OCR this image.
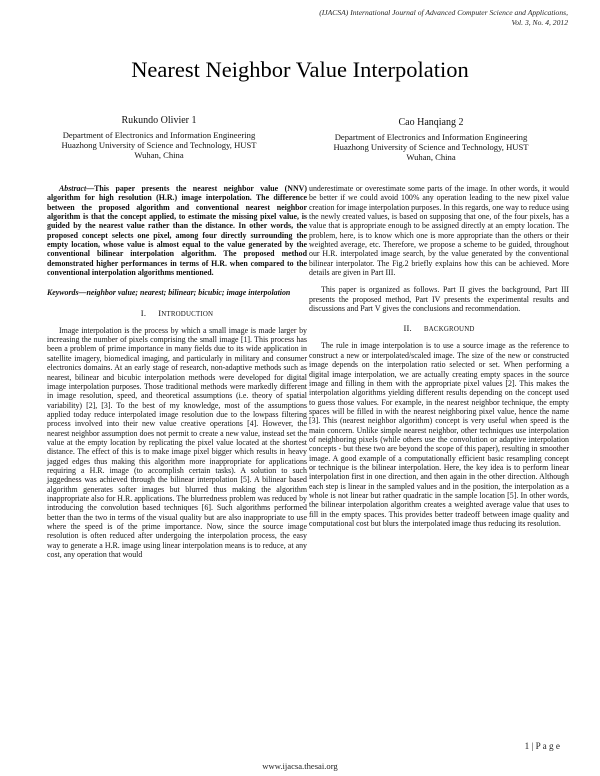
(IJACSA) International Journal of Advanced Computer Science and Applications,
Vol. 3, No. 4, 2012
Nearest Neighbor Value Interpolation
Rukundo Olivier 1
Department of Electronics and Information Engineering
Huazhong University of Science and Technology, HUST
Wuhan, China
Cao Hanqiang 2
Department of Electronics and Information Engineering
Huazhong University of Science and Technology, HUST
Wuhan, China

Abstract—This paper presents the nearest neighbor value (NNV) algorithm for high resolution (H.R.) image interpolation. The difference between the proposed algorithm and conventional nearest neighbor algorithm is that the concept applied, to estimate the missing pixel value, is guided by the nearest value rather than the distance. In other words, the proposed concept selects one pixel, among four directly surrounding the empty location, whose value is almost equal to the value generated by the conventional bilinear interpolation algorithm. The proposed method demonstrated higher performances in terms of H.R. when compared to the conventional interpolation algorithms mentioned.

Keywords—neighbor value; nearest; bilinear; bicubic; image interpolation

I. INTRODUCTION

Image interpolation is the process by which a small image is made larger by increasing the number of pixels comprising the small image [1]. This process has been a problem of prime importance in many fields due to its wide application in satellite imagery, biomedical imaging, and particularly in military and consumer electronics domains. At an early stage of research, non-adaptive methods such as nearest, bilinear and bicubic interpolation methods were developed for digital image interpolation purposes. Those traditional methods were markedly different in image resolution, speed, and theoretical assumptions (i.e. theory of spatial variability) [2], [3]. To the best of my knowledge, most of the assumptions applied today reduce interpolated image resolution due to the lowpass filtering process involved into their new value creative operations [4]. However, the nearest neighbor assumption does not permit to create a new value, instead set the value at the empty location by replicating the pixel value located at the shortest distance. The effect of this is to make image pixel bigger which results in heavy jagged edges thus making this algorithm more inappropriate for applications requiring a H.R. image (to accomplish certain tasks). A solution to such jaggedness was achieved through the bilinear interpolation [5]. A bilinear based algorithm generates softer images but blurred thus making the algorithm inappropriate also for H.R. applications. The blurredness problem was reduced by introducing the convolution based techniques [6]. Such algorithms performed better than the two in terms of the visual quality but are also inappropriate to use where the speed is of the prime importance. Now, since the source image resolution is often reduced after undergoing the interpolation process, the easy way to generate a H.R. image using linear interpolation means is to reduce, at any cost, any operation that would

underestimate or overestimate some parts of the image. In other words, it would be better if we could avoid 100% any operation leading to the new pixel value creation for image interpolation purposes. In this regards, one way to reduce using the newly created values, is based on supposing that one, of the four pixels, has a value that is appropriate enough to be assigned directly at an empty location. The problem, here, is to know which one is more appropriate than the others or their weighted average, etc. Therefore, we propose a scheme to be guided, throughout our H.R. interpolated image search, by the value generated by the conventional bilinear interpolator. The Fig.2 briefly explains how this can be achieved. More details are given in Part III.

This paper is organized as follows. Part II gives the background, Part III presents the proposed method, Part IV presents the experimental results and discussions and Part V gives the conclusions and recommendation.

II. BACKGROUND

The rule in image interpolation is to use a source image as the reference to construct a new or interpolated/scaled image. The size of the new or constructed image depends on the interpolation ratio selected or set. When performing a digital image interpolation, we are actually creating empty spaces in the source image and filling in them with the appropriate pixel values [2]. This makes the interpolation algorithms yielding different results depending on the concept used to guess those values. For example, in the nearest neighbor technique, the empty spaces will be filled in with the nearest neighboring pixel value, hence the name [3]. This (nearest neighbor algorithm) concept is very useful when speed is the main concern. Unlike simple nearest neighbor, other techniques use interpolation of neighboring pixels (while others use the convolution or adaptive interpolation concepts - but these two are beyond the scope of this paper), resulting in smoother image. A good example of a computationally efficient basic resampling concept or technique is the bilinear interpolation. Here, the key idea is to perform linear interpolation first in one direction, and then again in the other direction. Although each step is linear in the sampled values and in the position, the interpolation as a whole is not linear but rather quadratic in the sample location [5]. In other words, the bilinear interpolation algorithm creates a weighted average value that uses to fill in the empty spaces. This provides better tradeoff between image quality and computational cost but blurs the interpolated image thus reducing its resolution.

1 | P a g e
www.ijacsa.thesai.org
